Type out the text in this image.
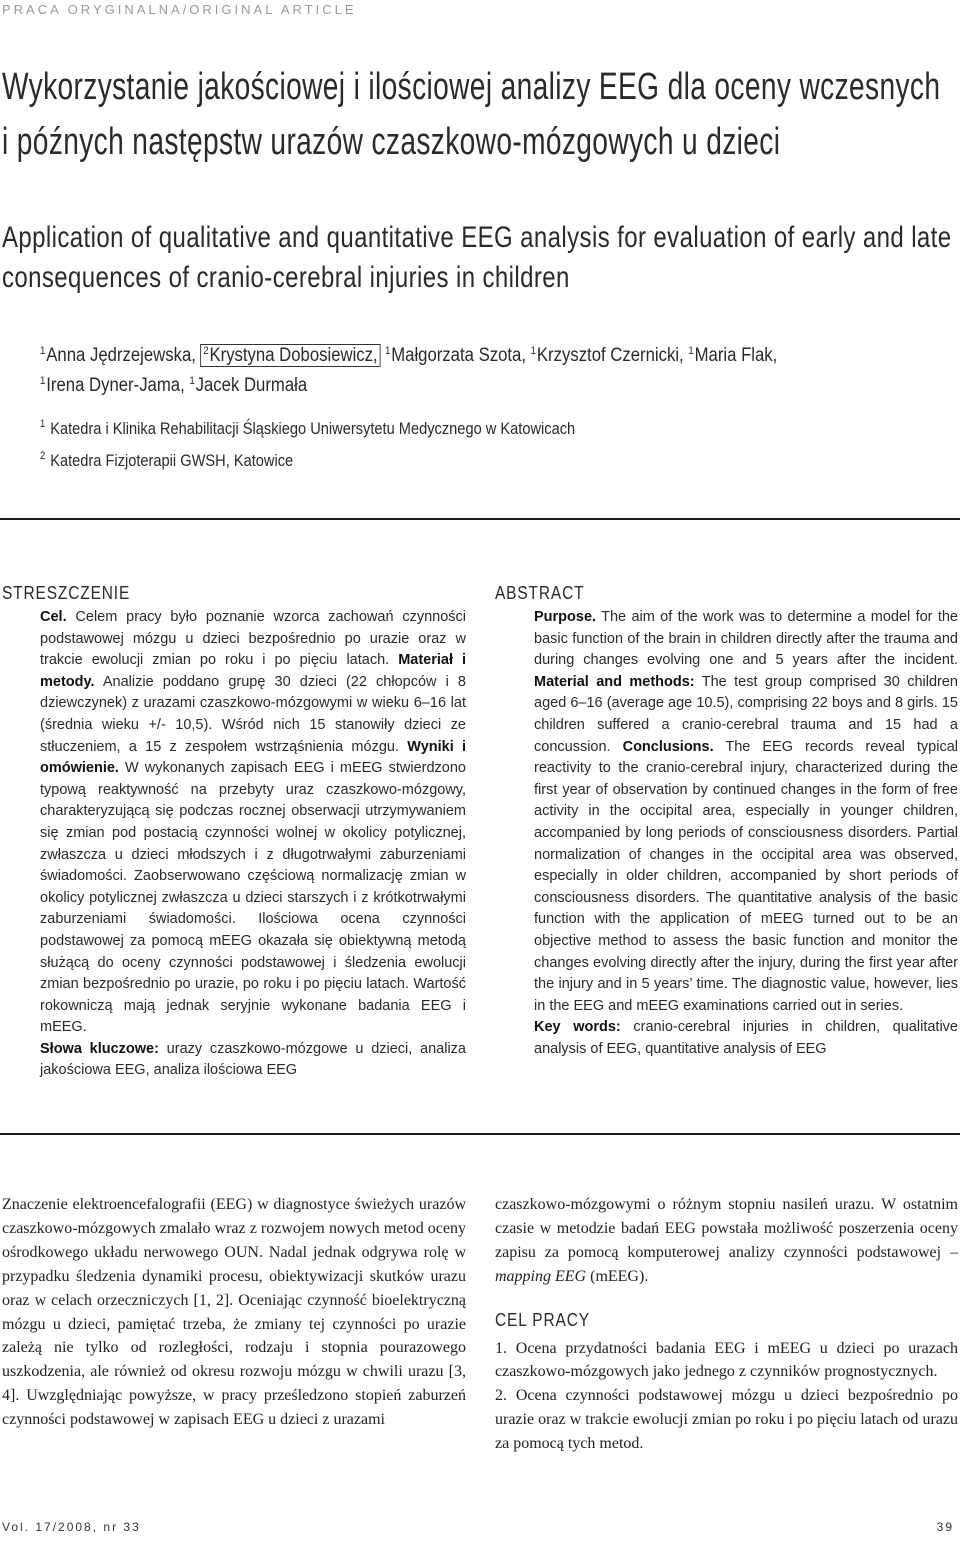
PRACA ORYGINALNA/ORIGINAL ARTICLE
Wykorzystanie jakościowej i ilościowej analizy EEG dla oceny wczesnych
i późnych następstw urazów czaszkowo-mózgowych u dzieci
Application of qualitative and quantitative EEG analysis for evaluation of early and late
consequences of cranio-cerebral injuries in children
$^1$Anna Jędrzejewska, $^2$Krystyna Dobosiewicz, $^1$Małgorzata Szota, $^1$Krzysztof Czernicki, $^1$Maria Flak,
$^1$Irena Dyner-Jama, $^1$Jacek Durmała
$^1$ Katedra i Klinika Rehabilitacji Śląskiego Uniwersytetu Medycznego w Katowicach
$^2$ Katedra Fizjoterapii GWSH, Katowice
STRESZCZENIE
Cel. Celem pracy było poznanie wzorca zachowań czynności podstawowej mózgu u dzieci bezpośrednio po urazie oraz w trakcie ewolucji zmian po roku i po pięciu latach. Materiał i metody. Analizie poddano grupę 30 dzieci (22 chłopców i 8 dziewczynek) z urazami czaszkowo-mózgowymi w wieku 6–16 lat (średnia wieku +/- 10,5). Wśród nich 15 stanowiły dzieci ze stłuczeniem, a 15 z zespołem wstrząśnienia mózgu. Wyniki i omówienie. W wykonanych zapisach EEG i mEEG stwierdzono typową reaktywność na przebyty uraz czaszkowo-mózgowy, charakteryzującą się podczas rocznej obserwacji utrzymywaniem się zmian pod postacią czynności wolnej w okolicy potylicznej, zwłaszcza u dzieci młodszych i z długotrwałymi zaburzeniami świadomości. Zaobserwowano częściową normalizację zmian w okolicy potylicznej zwłaszcza u dzieci starszych i z krótkotrwałymi zaburzeniami świadomości. Ilościowa ocena czynności podstawowej za pomocą mEEG okazała się obiektywną metodą służącą do oceny czynności podstawowej i śledzenia ewolucji zmian bezpośrednio po urazie, po roku i po pięciu latach. Wartość rokowniczą mają jednak seryjnie wykonane badania EEG i mEEG.
Słowa kluczowe: urazy czaszkowo-mózgowe u dzieci, analiza jakościowa EEG, analiza ilościowa EEG
ABSTRACT
Purpose. The aim of the work was to determine a model for the basic function of the brain in children directly after the trauma and during changes evolving one and 5 years after the incident. Material and methods: The test group comprised 30 children aged 6–16 (average age 10.5), comprising 22 boys and 8 girls. 15 children suffered a cranio-cerebral trauma and 15 had a concussion. Conclusions. The EEG records reveal typical reactivity to the cranio-cerebral injury, characterized during the first year of observation by continued changes in the form of free activity in the occipital area, especially in younger children, accompanied by long periods of consciousness disorders. Partial normalization of changes in the occipital area was observed, especially in older children, accompanied by short periods of consciousness disorders. The quantitative analysis of the basic function with the application of mEEG turned out to be an objective method to assess the basic function and monitor the changes evolving directly after the injury, during the first year after the injury and in 5 years’ time. The diagnostic value, however, lies in the EEG and mEEG examinations carried out in series.
Key words: cranio-cerebral injuries in children, qualitative analysis of EEG, quantitative analysis of EEG

Znaczenie elektroencefalografii (EEG) w diagnostyce świeżych urazów czaszkowo-mózgowych zmalało wraz z rozwojem nowych metod oceny ośrodkowego układu nerwowego OUN. Nadal jednak odgrywa rolę w przypadku śledzenia dynamiki procesu, obiektywizacji skutków urazu oraz w celach orzeczniczych [1, 2]. Oceniając czynność bioelektryczną mózgu u dzieci, pamiętać trzeba, że zmiany tej czynności po urazie zależą nie tylko od rozległości, rodzaju i stopnia pourazowego uszkodzenia, ale również od okresu rozwoju mózgu w chwili urazu [3, 4]. Uwzględniając powyższe, w pracy prześledzono stopień zaburzeń czynności podstawowej w zapisach EEG u dzieci z urazami

czaszkowo-mózgowymi o różnym stopniu nasileń urazu. W ostatnim czasie w metodzie badań EEG powstała możliwość poszerzenia oceny zapisu za pomocą komputerowej analizy czynności podstawowej – mapping EEG (mEEG).

CEL PRACY

1. Ocena przydatności badania EEG i mEEG u dzieci po urazach czaszkowo-mózgowych jako jednego z czynników prognostycznych.

2. Ocena czynności podstawowej mózgu u dzieci bezpośrednio po urazie oraz w trakcie ewolucji zmian po roku i po pięciu latach od urazu za pomocą tych metod.

Vol. 17/2008, nr 33	39
